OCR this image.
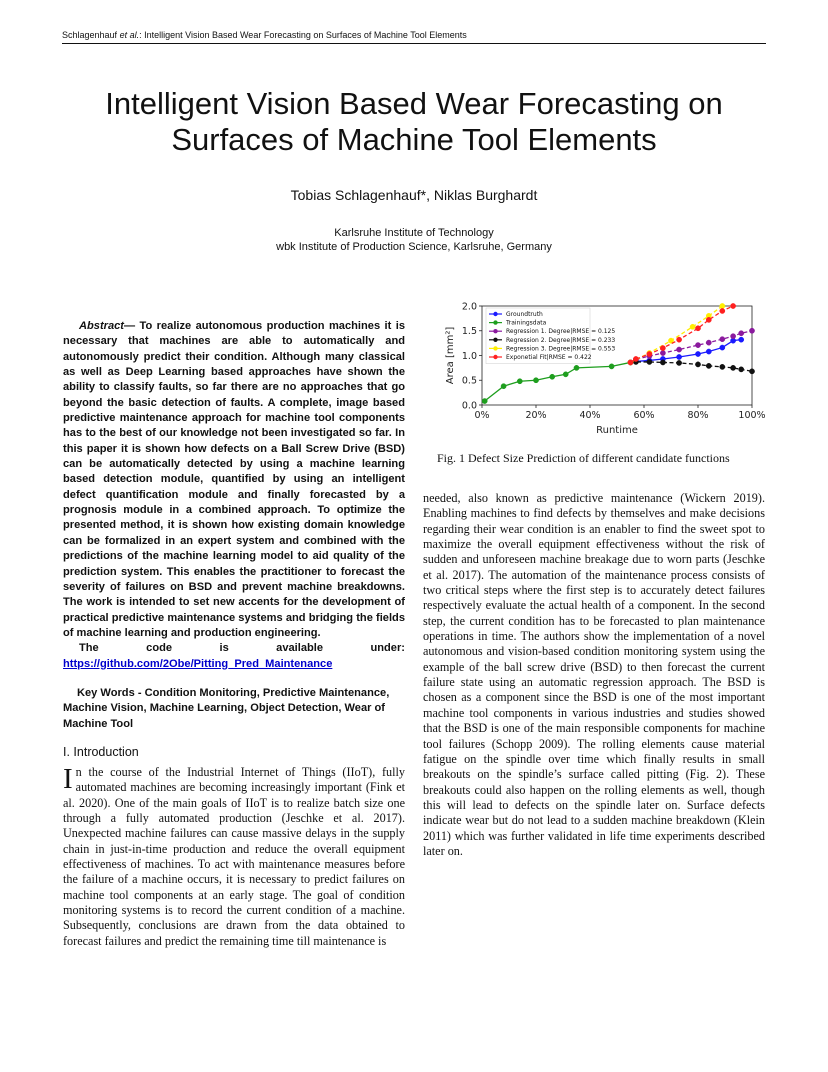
Schlagenhauf et al.: Intelligent Vision Based Wear Forecasting on Surfaces of Machine Tool Elements
Intelligent Vision Based Wear Forecasting on Surfaces of Machine Tool Elements
Tobias Schlagenhauf*, Niklas Burghardt
Karlsruhe Institute of Technology
wbk Institute of Production Science, Karlsruhe, Germany

Abstract— To realize autonomous production machines it is necessary that machines are able to automatically and autonomously predict their condition. Although many classical as well as Deep Learning based approaches have shown the ability to classify faults, so far there are no approaches that go beyond the basic detection of faults. A complete, image based predictive maintenance approach for machine tool components has to the best of our knowledge not been investigated so far. In this paper it is shown how defects on a Ball Screw Drive (BSD) can be automatically detected by using a machine learning based detection module, quantified by using an intelligent defect quantification module and finally forecasted by a prognosis module in a combined approach. To optimize the presented method, it is shown how existing domain knowledge can be formalized in an expert system and combined with the predictions of the machine learning model to aid quality of the prediction system. This enables the practitioner to forecast the severity of failures on BSD and prevent machine breakdowns. The work is intended to set new accents for the development of practical predictive maintenance systems and bridging the fields of machine learning and production engineering.

The code is available under:

https://github.com/2Obe/Pitting_Pred_Maintenance

Key Words - Condition Monitoring, Predictive Maintenance, Machine Vision, Machine Learning, Object Detection, Wear of Machine Tool
I. Introduction
In the course of the Industrial Internet of Things (IIoT), fully automated machines are becoming increasingly important (Fink et al. 2020). One of the main goals of IIoT is to realize batch size one through a fully automated production (Jeschke et al. 2017). Unexpected machine failures can cause massive delays in the supply chain in just-in-time production and reduce the overall equipment effectiveness of machines. To act with maintenance measures before the failure of a machine occurs, it is necessary to predict failures on machine tool components at an early stage. The goal of condition monitoring systems is to record the current condition of a machine. Subsequently, conclusions are drawn from the data obtained to forecast failures and predict the remaining time till maintenance is
0%	20%	40%	60%	80%	100%
0.0
0.5
1.0
1.5
2.0
Runtime
Area [mm²]
Groundtruth
Trainingsdata
Regression 1. Degree|RMSE = 0.125
Regression 2. Degree|RMSE = 0.233
Regression 3. Degree|RMSE = 0.553
Exponetial Fit|RMSE = 0.422
Fig. 1 Defect Size Prediction of different candidate functions
needed, also known as predictive maintenance (Wickern 2019). Enabling machines to find defects by themselves and make decisions regarding their wear condition is an enabler to find the sweet spot to maximize the overall equipment effectiveness without the risk of sudden and unforeseen machine breakage due to worn parts (Jeschke et al. 2017). The automation of the maintenance process consists of two critical steps where the first step is to accurately detect failures respectively evaluate the actual health of a component. In the second step, the current condition has to be forecasted to plan maintenance operations in time. The authors show the implementation of a novel autonomous and vision-based condition monitoring system using the example of the ball screw drive (BSD) to then forecast the current failure state using an automatic regression approach. The BSD is chosen as a component since the BSD is one of the most important machine tool components in various industries and studies showed that the BSD is one of the main responsible components for machine tool failures (Schopp 2009). The rolling elements cause material fatigue on the spindle over time which finally results in small breakouts on the spindle’s surface called pitting (Fig. 2). These breakouts could also happen on the rolling elements as well, though this will lead to defects on the spindle later on. Surface defects indicate wear but do not lead to a sudden machine breakdown (Klein 2011) which was further validated in life time experiments described later on.
